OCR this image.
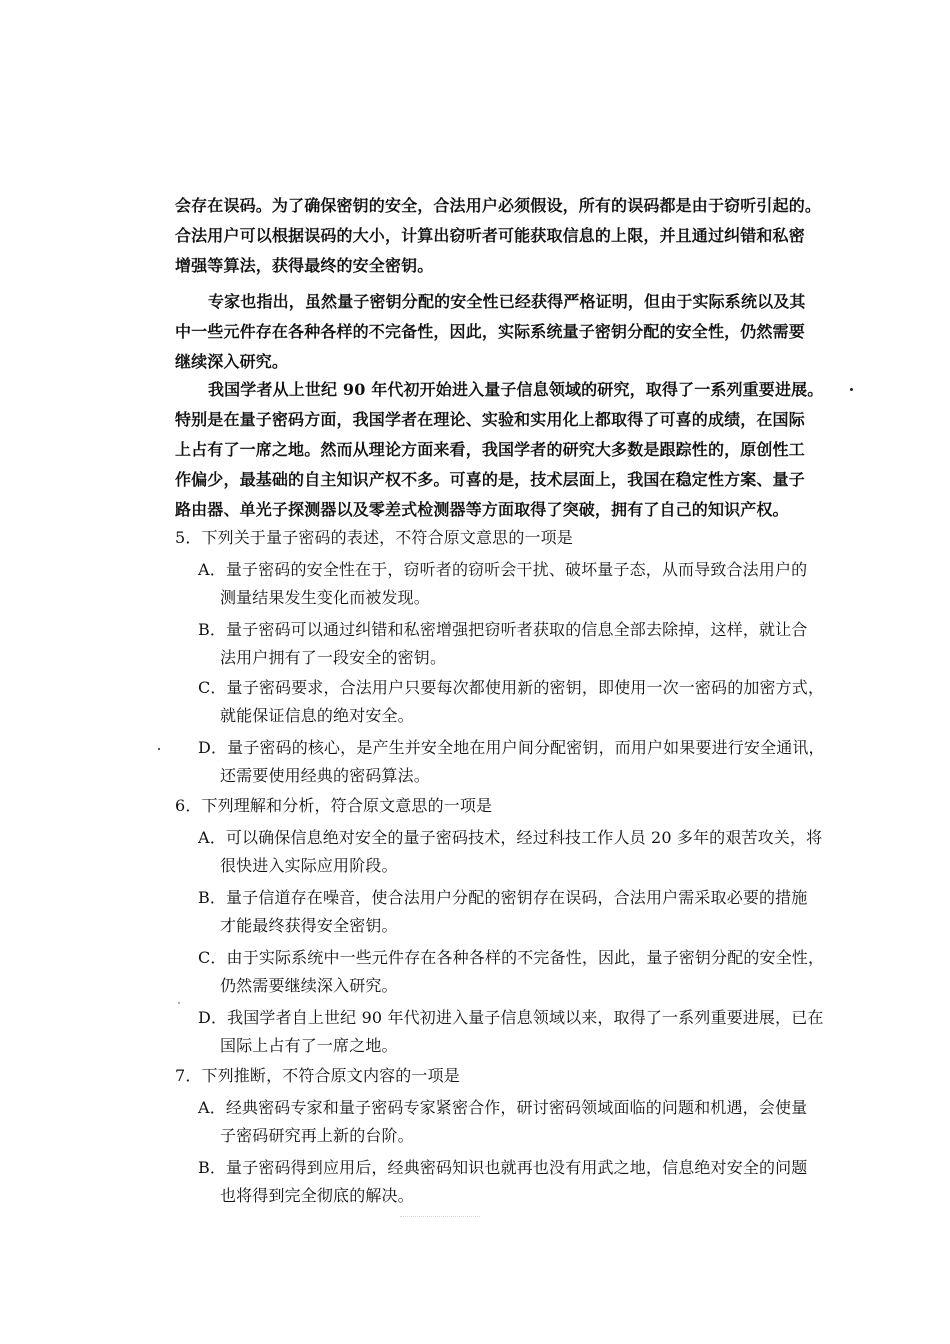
会存在误码。为了确保密钥的安全，合法用户必须假设，所有的误码都是由于窃听引起的。
合法用户可以根据误码的大小，计算出窃听者可能获取信息的上限，并且通过纠错和私密
增强等算法，获得最终的安全密钥。
专家也指出，虽然量子密钥分配的安全性已经获得严格证明，但由于实际系统以及其
中一些元件存在各种各样的不完备性，因此，实际系统量子密钥分配的安全性，仍然需要
继续深入研究。
我国学者从上世纪 90 年代初开始进入量子信息领域的研究，取得了一系列重要进展。
特别是在量子密码方面，我国学者在理论、实验和实用化上都取得了可喜的成绩，在国际
上占有了一席之地。然而从理论方面来看，我国学者的研究大多数是跟踪性的，原创性工
作偏少，最基础的自主知识产权不多。可喜的是，技术层面上，我国在稳定性方案、量子
路由器、单光子探测器以及零差式检测器等方面取得了突破，拥有了自己的知识产权。
5．下列关于量子密码的表述，不符合原文意思的一项是
A．量子密码的安全性在于，窃听者的窃听会干扰、破坏量子态，从而导致合法用户的
测量结果发生变化而被发现。
B．量子密码可以通过纠错和私密增强把窃听者获取的信息全部去除掉，这样，就让合
法用户拥有了一段安全的密钥。
C．量子密码要求，合法用户只要每次都使用新的密钥，即使用一次一密码的加密方式，
就能保证信息的绝对安全。
D．量子密码的核心，是产生并安全地在用户间分配密钥，而用户如果要进行安全通讯，
还需要使用经典的密码算法。
6．下列理解和分析，符合原文意思的一项是
A．可以确保信息绝对安全的量子密码技术，经过科技工作人员 20 多年的艰苦攻关，将
很快进入实际应用阶段。
B．量子信道存在噪音，使合法用户分配的密钥存在误码，合法用户需采取必要的措施
才能最终获得安全密钥。
C．由于实际系统中一些元件存在各种各样的不完备性，因此，量子密钥分配的安全性，
仍然需要继续深入研究。
D．我国学者自上世纪 90 年代初进入量子信息领域以来，取得了一系列重要进展，已在
国际上占有了一席之地。
7．下列推断，不符合原文内容的一项是
A．经典密码专家和量子密码专家紧密合作，研讨密码领域面临的问题和机遇，会使量
子密码研究再上新的台阶。
B．量子密码得到应用后，经典密码知识也就再也没有用武之地，信息绝对安全的问题
也将得到完全彻底的解决。
